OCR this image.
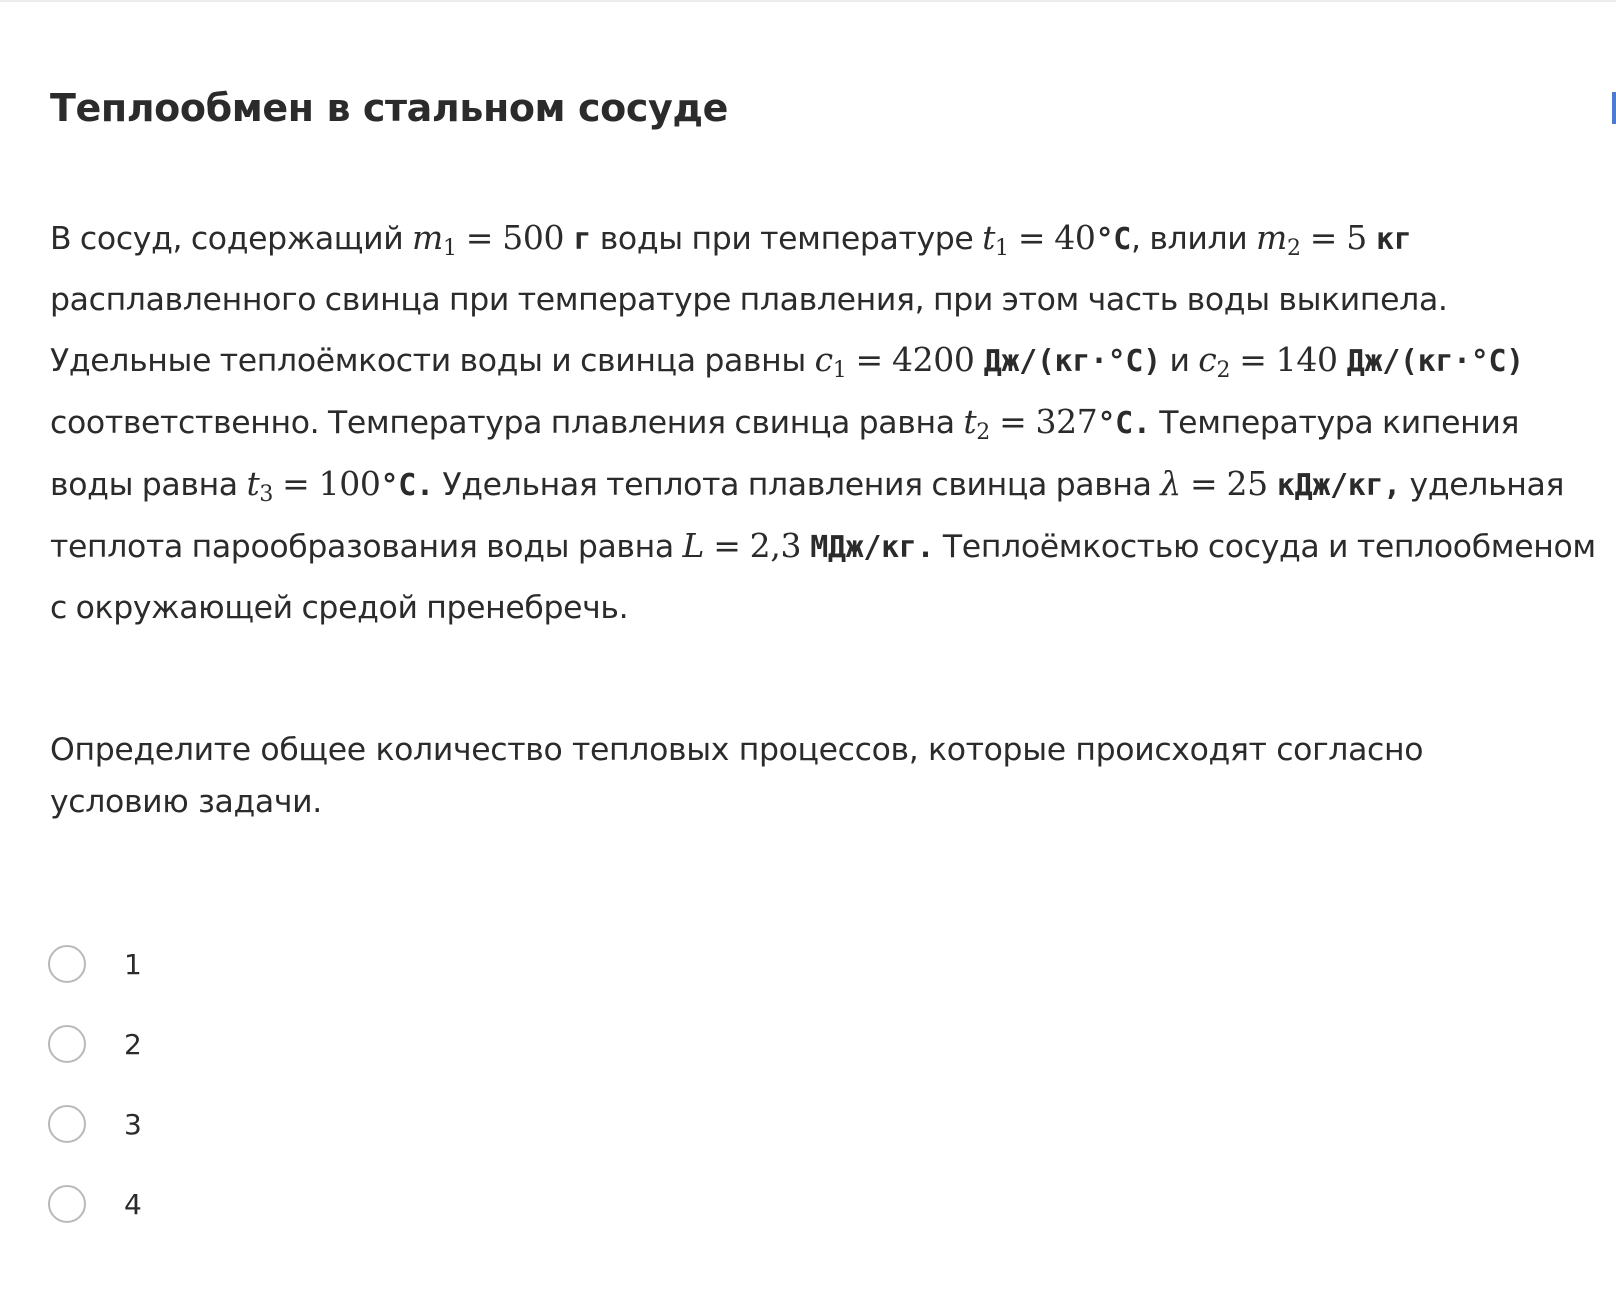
Теплообмен в стальном сосуде
В сосуд, содержащий $m_1 = 500$ г воды при температуре $t_1 = 40^\circ C$, влили $m_2 = 5$ кг расплавленного свинца при температуре плавления, при этом часть воды выкипела. Удельные теплоёмкости воды и свинца равны $c_1 = 4200$ Дж/(кг·°C) и $c_2 = 140$ Дж/(кг·°C) соответственно. Температура плавления свинца равна $t_2 = 327^\circ C$. Температура кипения воды равна $t_3 = 100^\circ C$. Удельная теплота плавления свинца равна λ = 25 кДж/кг, удельная теплота парообразования воды равна L = 2,3 МДж/кг. Теплоёмкостью сосуда и теплообменом с окружающей средой пренебречь.
Определите общее количество тепловых процессов, которые происходят согласно условию задачи.
1
2
3
4
